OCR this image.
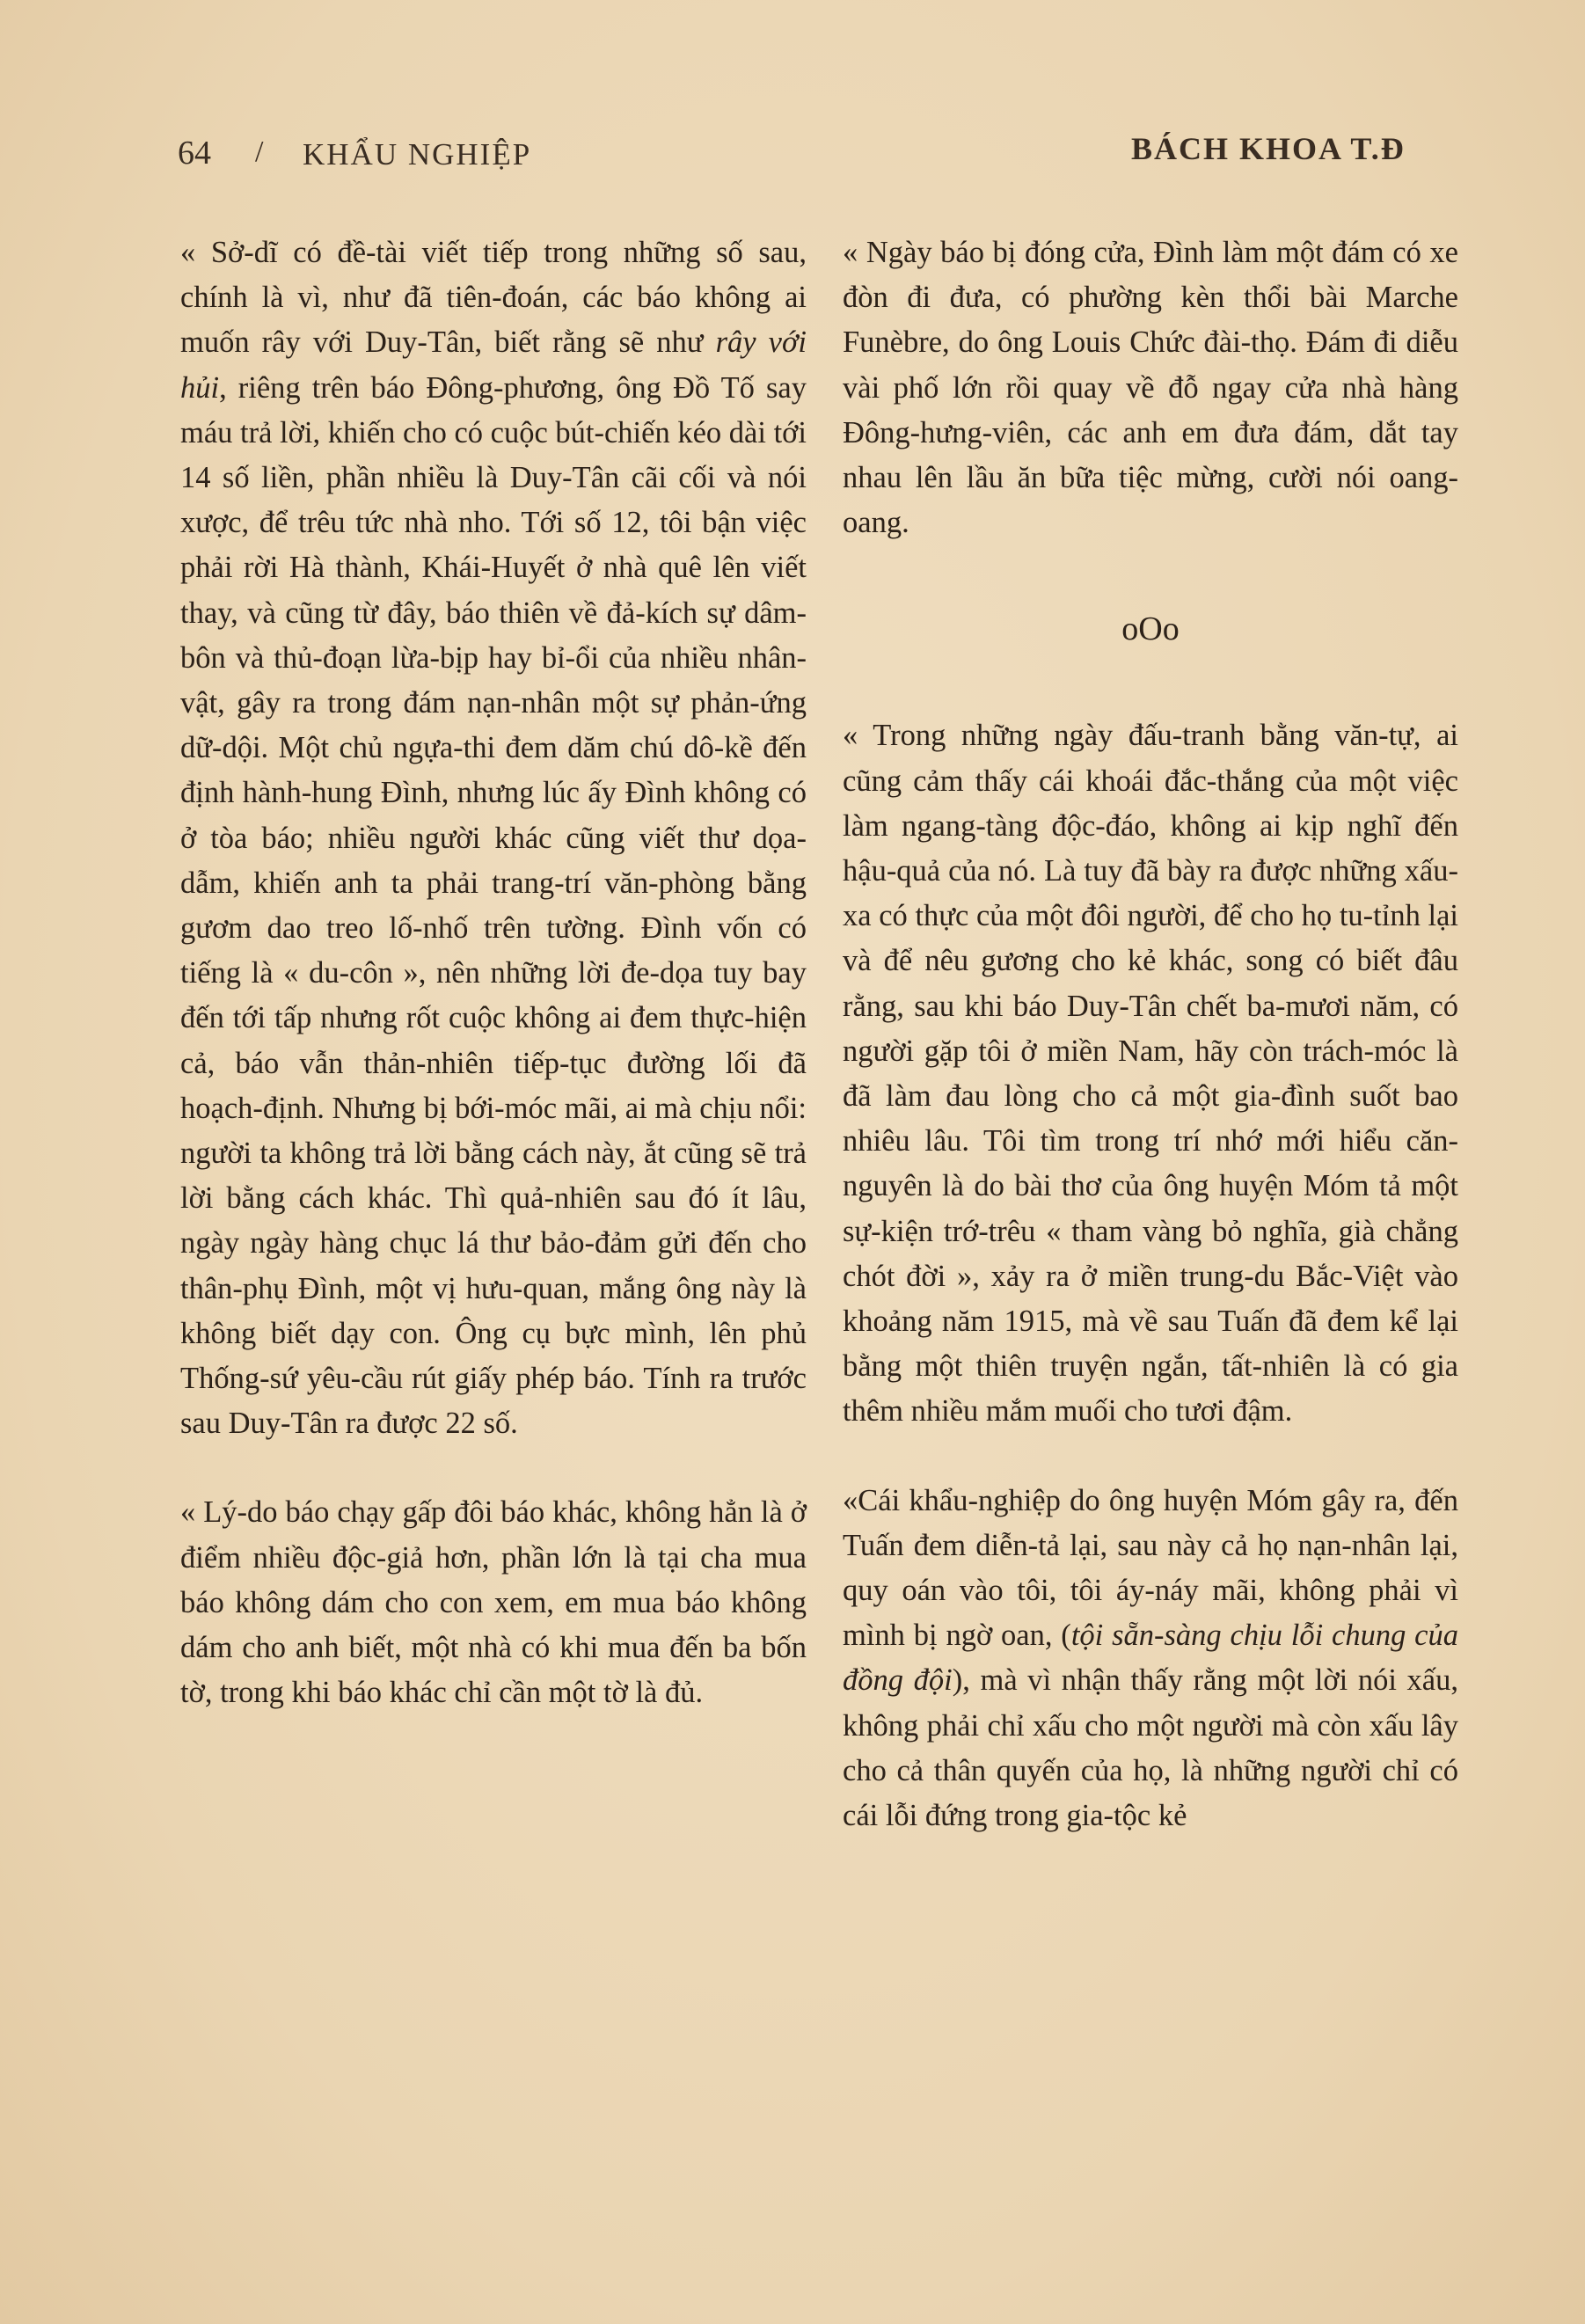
64 / KHẨU NGHIỆP	BÁCH KHOA T.Đ

« Sở-dĩ có đề-tài viết tiếp trong những số sau, chính là vì, như đã tiên-đoán, các báo không ai muốn rây với Duy-Tân, biết rằng sẽ như rây với hủi, riêng trên báo Đông-phương, ông Đồ Tố say máu trả lời, khiến cho có cuộc bút-chiến kéo dài tới 14 số liền, phần nhiều là Duy-Tân cãi cối và nói xược, để trêu tức nhà nho. Tới số 12, tôi bận việc phải rời Hà thành, Khái-Huyết ở nhà quê lên viết thay, và cũng từ đây, báo thiên về đả-kích sự dâm-bôn và thủ-đoạn lừa-bịp hay bỉ-ổi của nhiều nhân-vật, gây ra trong đám nạn-nhân một sự phản-ứng dữ-dội. Một chủ ngựa-thi đem dăm chú dô-kề đến định hành-hung Đình, nhưng lúc ấy Đình không có ở tòa báo; nhiều người khác cũng viết thư dọa-dẫm, khiến anh ta phải trang-trí văn-phòng bằng gươm dao treo lố-nhố trên tường. Đình vốn có tiếng là « du-côn », nên những lời đe-dọa tuy bay đến tới tấp nhưng rốt cuộc không ai đem thực-hiện cả, báo vẫn thản-nhiên tiếp-tục đường lối đã hoạch-định. Nhưng bị bới-móc mãi, ai mà chịu nổi: người ta không trả lời bằng cách này, ắt cũng sẽ trả lời bằng cách khác. Thì quả-nhiên sau đó ít lâu, ngày ngày hàng chục lá thư bảo-đảm gửi đến cho thân-phụ Đình, một vị hưu-quan, mắng ông này là không biết dạy con. Ông cụ bực mình, lên phủ Thống-sứ yêu-cầu rút giấy phép báo. Tính ra trước sau Duy-Tân ra được 22 số.

« Lý-do báo chạy gấp đôi báo khác, không hẳn là ở điểm nhiều độc-giả hơn, phần lớn là tại cha mua báo không dám cho con xem, em mua báo không dám cho anh biết, một nhà có khi mua đến ba bốn tờ, trong khi báo khác chỉ cần một tờ là đủ.

« Ngày báo bị đóng cửa, Đình làm một đám có xe đòn đi đưa, có phường kèn thổi bài Marche Funèbre, do ông Louis Chức đài-thọ. Đám đi diễu vài phố lớn rồi quay về đỗ ngay cửa nhà hàng Đông-hưng-viên, các anh em đưa đám, dắt tay nhau lên lầu ăn bữa tiệc mừng, cười nói oang-oang.

oOo

« Trong những ngày đấu-tranh bằng văn-tự, ai cũng cảm thấy cái khoái đắc-thắng của một việc làm ngang-tàng độc-đáo, không ai kịp nghĩ đến hậu-quả của nó. Là tuy đã bày ra được những xấu-xa có thực của một đôi người, để cho họ tu-tỉnh lại và để nêu gương cho kẻ khác, song có biết đâu rằng, sau khi báo Duy-Tân chết ba-mươi năm, có người gặp tôi ở miền Nam, hãy còn trách-móc là đã làm đau lòng cho cả một gia-đình suốt bao nhiêu lâu. Tôi tìm trong trí nhớ mới hiểu căn-nguyên là do bài thơ của ông huyện Móm tả một sự-kiện trớ-trêu « tham vàng bỏ nghĩa, già chẳng chót đời », xảy ra ở miền trung-du Bắc-Việt vào khoảng năm 1915, mà về sau Tuấn đã đem kể lại bằng một thiên truyện ngắn, tất-nhiên là có gia thêm nhiều mắm muối cho tươi đậm.

«Cái khẩu-nghiệp do ông huyện Móm gây ra, đến Tuấn đem diễn-tả lại, sau này cả họ nạn-nhân lại, quy oán vào tôi, tôi áy-náy mãi, không phải vì mình bị ngờ oan, (tội sẵn-sàng chịu lỗi chung của đồng đội), mà vì nhận thấy rằng một lời nói xấu, không phải chỉ xấu cho một người mà còn xấu lây cho cả thân quyến của họ, là những người chỉ có cái lỗi đứng trong gia-tộc kẻ
